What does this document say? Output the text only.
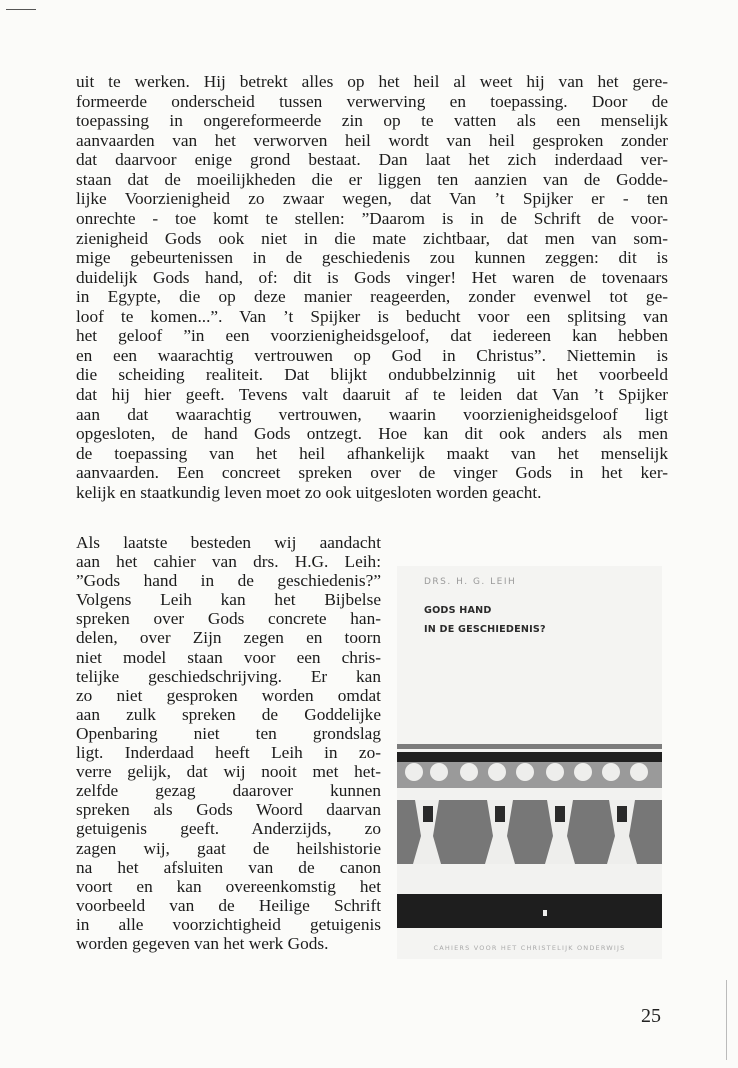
uit te werken. Hij betrekt alles op het heil al weet hij van het gere-
formeerde onderscheid tussen verwerving en toepassing. Door de
toepassing in ongereformeerde zin op te vatten als een menselijk
aanvaarden van het verworven heil wordt van heil gesproken zonder
dat daarvoor enige grond bestaat. Dan laat het zich inderdaad ver-
staan dat de moeilijkheden die er liggen ten aanzien van de Godde-
lijke Voorzienigheid zo zwaar wegen, dat Van ’t Spijker er - ten
onrechte - toe komt te stellen: ”Daarom is in de Schrift de voor-
zienigheid Gods ook niet in die mate zichtbaar, dat men van som-
mige gebeurtenissen in de geschiedenis zou kunnen zeggen: dit is
duidelijk Gods hand, of: dit is Gods vinger! Het waren de tovenaars
in Egypte, die op deze manier reageerden, zonder evenwel tot ge-
loof te komen...”. Van ’t Spijker is beducht voor een splitsing van
het geloof ”in een voorzienigheidsgeloof, dat iedereen kan hebben
en een waarachtig vertrouwen op God in Christus”. Niettemin is
die scheiding realiteit. Dat blijkt ondubbelzinnig uit het voorbeeld
dat hij hier geeft. Tevens valt daaruit af te leiden dat Van ’t Spijker
aan dat waarachtig vertrouwen, waarin voorzienigheidsgeloof ligt
opgesloten, de hand Gods ontzegt. Hoe kan dit ook anders als men
de toepassing van het heil afhankelijk maakt van het menselijk
aanvaarden. Een concreet spreken over de vinger Gods in het ker-
kelijk en staatkundig leven moet zo ook uitgesloten worden geacht.
Als laatste besteden wij aandacht
aan het cahier van drs. H.G. Leih:
”Gods hand in de geschiedenis?”
Volgens Leih kan het Bijbelse
spreken over Gods concrete han-
delen, over Zijn zegen en toorn
niet model staan voor een chris-
telijke geschiedschrijving. Er kan
zo niet gesproken worden omdat
aan zulk spreken de Goddelijke
Openbaring niet ten grondslag
ligt. Inderdaad heeft Leih in zo-
verre gelijk, dat wij nooit met het-
zelfde gezag daarover kunnen
spreken als Gods Woord daarvan
getuigenis geeft. Anderzijds, zo
zagen wij, gaat de heilshistorie
na het afsluiten van de canon
voort en kan overeenkomstig het
voorbeeld van de Heilige Schrift
in alle voorzichtigheid getuigenis
worden gegeven van het werk Gods.
DRS. H. G. LEIH
GODS HAND
IN DE GESCHIEDENIS?
CAHIERS VOOR HET CHRISTELIJK ONDERWIJS
25
